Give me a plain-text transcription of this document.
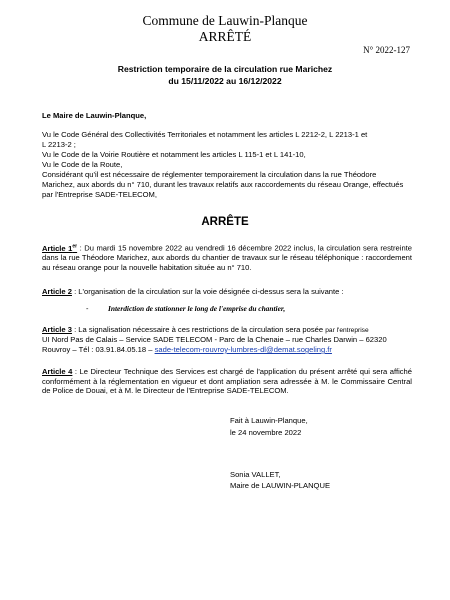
Commune de Lauwin-Planque
ARRÊTÉ
N° 2022-127
Restriction temporaire de la circulation rue Marichez
du 15/11/2022 au 16/12/2022
Le Maire de Lauwin-Planque,
Vu le Code Général des Collectivités Territoriales et notamment les articles L 2212-2, L 2213-1 et
L 2213-2 ;
Vu le Code de la Voirie Routière et notamment les articles L 115-1 et L 141-10,
Vu le Code de la Route,
Considérant qu'il est nécessaire de réglementer temporairement la circulation dans la rue Théodore
Marichez, aux abords du n° 710, durant les travaux relatifs aux raccordements du réseau Orange, effectués
par l'Entreprise SADE-TELECOM,
ARRÊTE
Article 1er : Du mardi 15 novembre 2022 au vendredi 16 décembre 2022 inclus, la circulation sera restreinte dans la rue Théodore Marichez, aux abords du chantier de travaux sur le réseau téléphonique : raccordement au réseau orange pour la nouvelle habitation située au n° 710.
Article 2 : L'organisation de la circulation sur la voie désignée ci-dessus sera la suivante :
-	Interdiction de stationner le long de l'emprise du chantier,
Article 3 : La signalisation nécessaire à ces restrictions de la circulation sera posée par l'entreprise
UI Nord Pas de Calais – Service SADE TELECOM - Parc de la Chenaie – rue Charles Darwin – 62320
Rouvroy – Tél : 03.91.84.05.18 – sade-telecom-rouvroy-lumbres-dl@demat.sogeling.fr
Article 4 : Le Directeur Technique des Services est chargé de l'application du présent arrêté qui sera affiché conformément à la réglementation en vigueur et dont ampliation sera adressée à M. le Commissaire Central de Police de Douai, et à M. le Directeur de l'Entreprise SADE-TELECOM.
Fait à Lauwin-Planque,
le 24 novembre 2022
Sonia VALLET,
Maire de LAUWIN-PLANQUE
